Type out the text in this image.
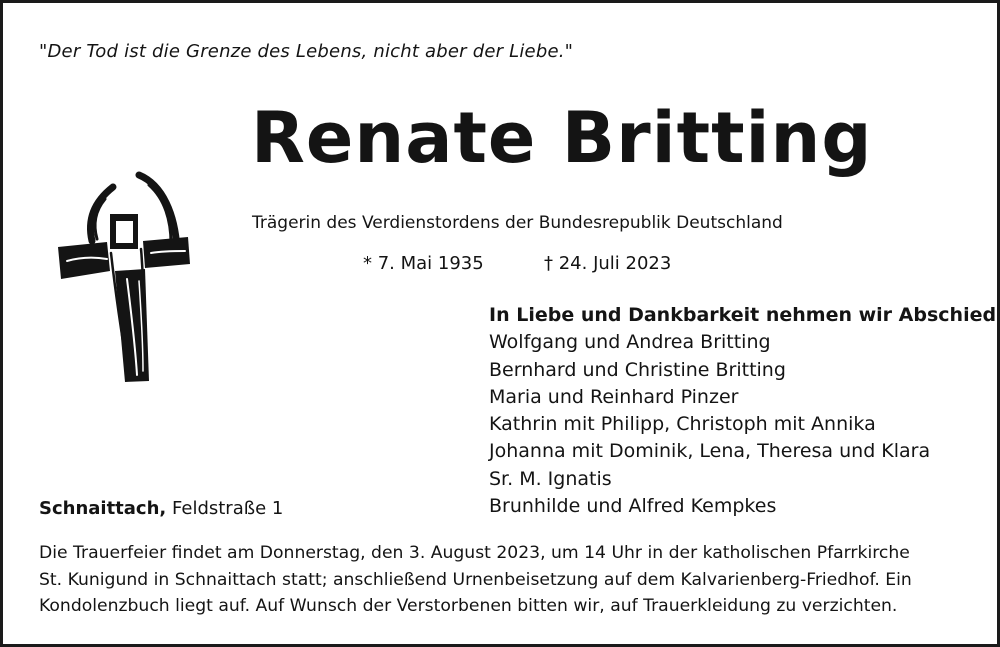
"Der Tod ist die Grenze des Lebens, nicht aber der Liebe."
Renate Britting
Trägerin des Verdienstordens der Bundesrepublik Deutschland
* 7. Mai 1935	† 24. Juli 2023
In Liebe und Dankbarkeit nehmen wir Abschied
Wolfgang und Andrea Britting
Bernhard und Christine Britting
Maria und Reinhard Pinzer
Kathrin mit Philipp, Christoph mit Annika
Johanna mit Dominik, Lena, Theresa und Klara
Sr. M. Ignatis
Brunhilde und Alfred Kempkes
Schnaittach, Feldstraße 1
Die Trauerfeier findet am Donnerstag, den 3. August 2023, um 14 Uhr in der katholischen Pfarrkirche
St. Kunigund in Schnaittach statt; anschließend Urnenbeisetzung auf dem Kalvarienberg-Friedhof. Ein
Kondolenzbuch liegt auf. Auf Wunsch der Verstorbenen bitten wir, auf Trauerkleidung zu verzichten.
